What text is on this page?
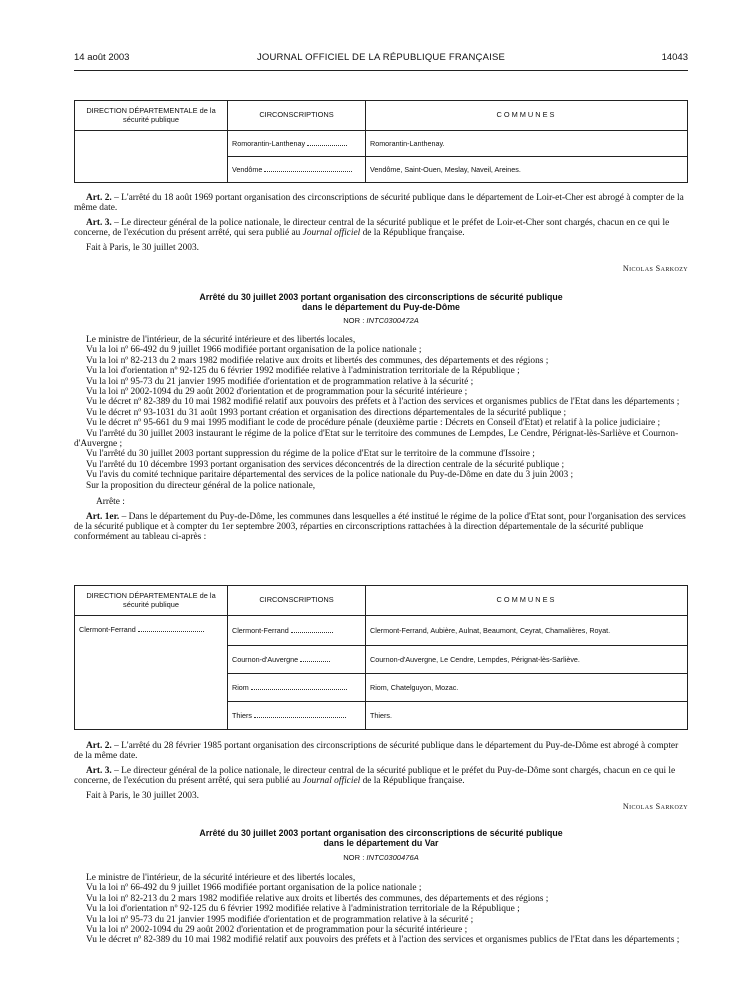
14 août 2003	JOURNAL OFFICIEL DE LA RÉPUBLIQUE FRANÇAISE	14043
DIRECTION DÉPARTEMENTALE de la sécurité publique	CIRCONSCRIPTIONS	COMMUNES
	Romorantin-Lanthenay	Romorantin-Lanthenay.
	Vendôme	Vendôme, Saint-Ouen, Meslay, Naveil, Areines.

Art. 2. – L'arrêté du 18 août 1969 portant organisation des circonscriptions de sécurité publique dans le département de Loir-et-Cher est abrogé à compter de la même date.

Art. 3. – Le directeur général de la police nationale, le directeur central de la sécurité publique et le préfet de Loir-et-Cher sont chargés, chacun en ce qui le concerne, de l'exécution du présent arrêté, qui sera publié au Journal officiel de la République française.

Fait à Paris, le 30 juillet 2003.

Nicolas Sarkozy
Arrêté du 30 juillet 2003 portant organisation des circonscriptions de sécurité publique
dans le département du Puy-de-Dôme
NOR : INTC0300472A

Le ministre de l'intérieur, de la sécurité intérieure et des libertés locales,

Vu la loi nº 66-492 du 9 juillet 1966 modifiée portant organisation de la police nationale ;

Vu la loi nº 82-213 du 2 mars 1982 modifiée relative aux droits et libertés des communes, des départements et des régions ;

Vu la loi d'orientation nº 92-125 du 6 février 1992 modifiée relative à l'administration territoriale de la République ;

Vu la loi nº 95-73 du 21 janvier 1995 modifiée d'orientation et de programmation relative à la sécurité ;

Vu la loi nº 2002-1094 du 29 août 2002 d'orientation et de programmation pour la sécurité intérieure ;

Vu le décret nº 82-389 du 10 mai 1982 modifié relatif aux pouvoirs des préfets et à l'action des services et organismes publics de l'Etat dans les départements ;

Vu le décret nº 93-1031 du 31 août 1993 portant création et organisation des directions départementales de la sécurité publique ;

Vu le décret nº 95-661 du 9 mai 1995 modifiant le code de procédure pénale (deuxième partie : Décrets en Conseil d'Etat) et relatif à la police judiciaire ;

Vu l'arrêté du 30 juillet 2003 instaurant le régime de la police d'Etat sur le territoire des communes de Lempdes, Le Cendre, Pérignat-lès-Sarliève et Cournon-d'Auvergne ;

Vu l'arrêté du 30 juillet 2003 portant suppression du régime de la police d'Etat sur le territoire de la commune d'Issoire ;

Vu l'arrêté du 10 décembre 1993 portant organisation des services déconcentrés de la direction centrale de la sécurité publique ;

Vu l'avis du comité technique paritaire départemental des services de la police nationale du Puy-de-Dôme en date du 3 juin 2003 ;

Sur la proposition du directeur général de la police nationale,

Arrête :

Art. 1er. – Dans le département du Puy-de-Dôme, les communes dans lesquelles a été institué le régime de la police d'Etat sont, pour l'organisation des services de la sécurité publique et à compter du 1er septembre 2003, réparties en circonscriptions rattachées à la direction départementale de la sécurité publique conformément au tableau ci-après :

DIRECTION DÉPARTEMENTALE de la sécurité publique	CIRCONSCRIPTIONS	COMMUNES
Clermont-Ferrand	Clermont-Ferrand	Clermont-Ferrand, Aubière, Aulnat, Beaumont, Ceyrat, Chamalières, Royat.
	Cournon-d'Auvergne	Cournon-d'Auvergne, Le Cendre, Lempdes, Pérignat-lès-Sarliève.
	Riom	Riom, Chatelguyon, Mozac.
	Thiers	Thiers.

Art. 2. – L'arrêté du 28 février 1985 portant organisation des circonscriptions de sécurité publique dans le département du Puy-de-Dôme est abrogé à compter de la même date.

Art. 3. – Le directeur général de la police nationale, le directeur central de la sécurité publique et le préfet du Puy-de-Dôme sont chargés, chacun en ce qui le concerne, de l'exécution du présent arrêté, qui sera publié au Journal officiel de la République française.

Fait à Paris, le 30 juillet 2003.

Nicolas Sarkozy
Arrêté du 30 juillet 2003 portant organisation des circonscriptions de sécurité publique
dans le département du Var
NOR : INTC0300476A

Le ministre de l'intérieur, de la sécurité intérieure et des libertés locales,

Vu la loi nº 66-492 du 9 juillet 1966 modifiée portant organisation de la police nationale ;

Vu la loi nº 82-213 du 2 mars 1982 modifiée relative aux droits et libertés des communes, des départements et des régions ;

Vu la loi d'orientation nº 92-125 du 6 février 1992 modifiée relative à l'administration territoriale de la République ;

Vu la loi nº 95-73 du 21 janvier 1995 modifiée d'orientation et de programmation relative à la sécurité ;

Vu la loi nº 2002-1094 du 29 août 2002 d'orientation et de programmation pour la sécurité intérieure ;

Vu le décret nº 82-389 du 10 mai 1982 modifié relatif aux pouvoirs des préfets et à l'action des services et organismes publics de l'Etat dans les départements ;
